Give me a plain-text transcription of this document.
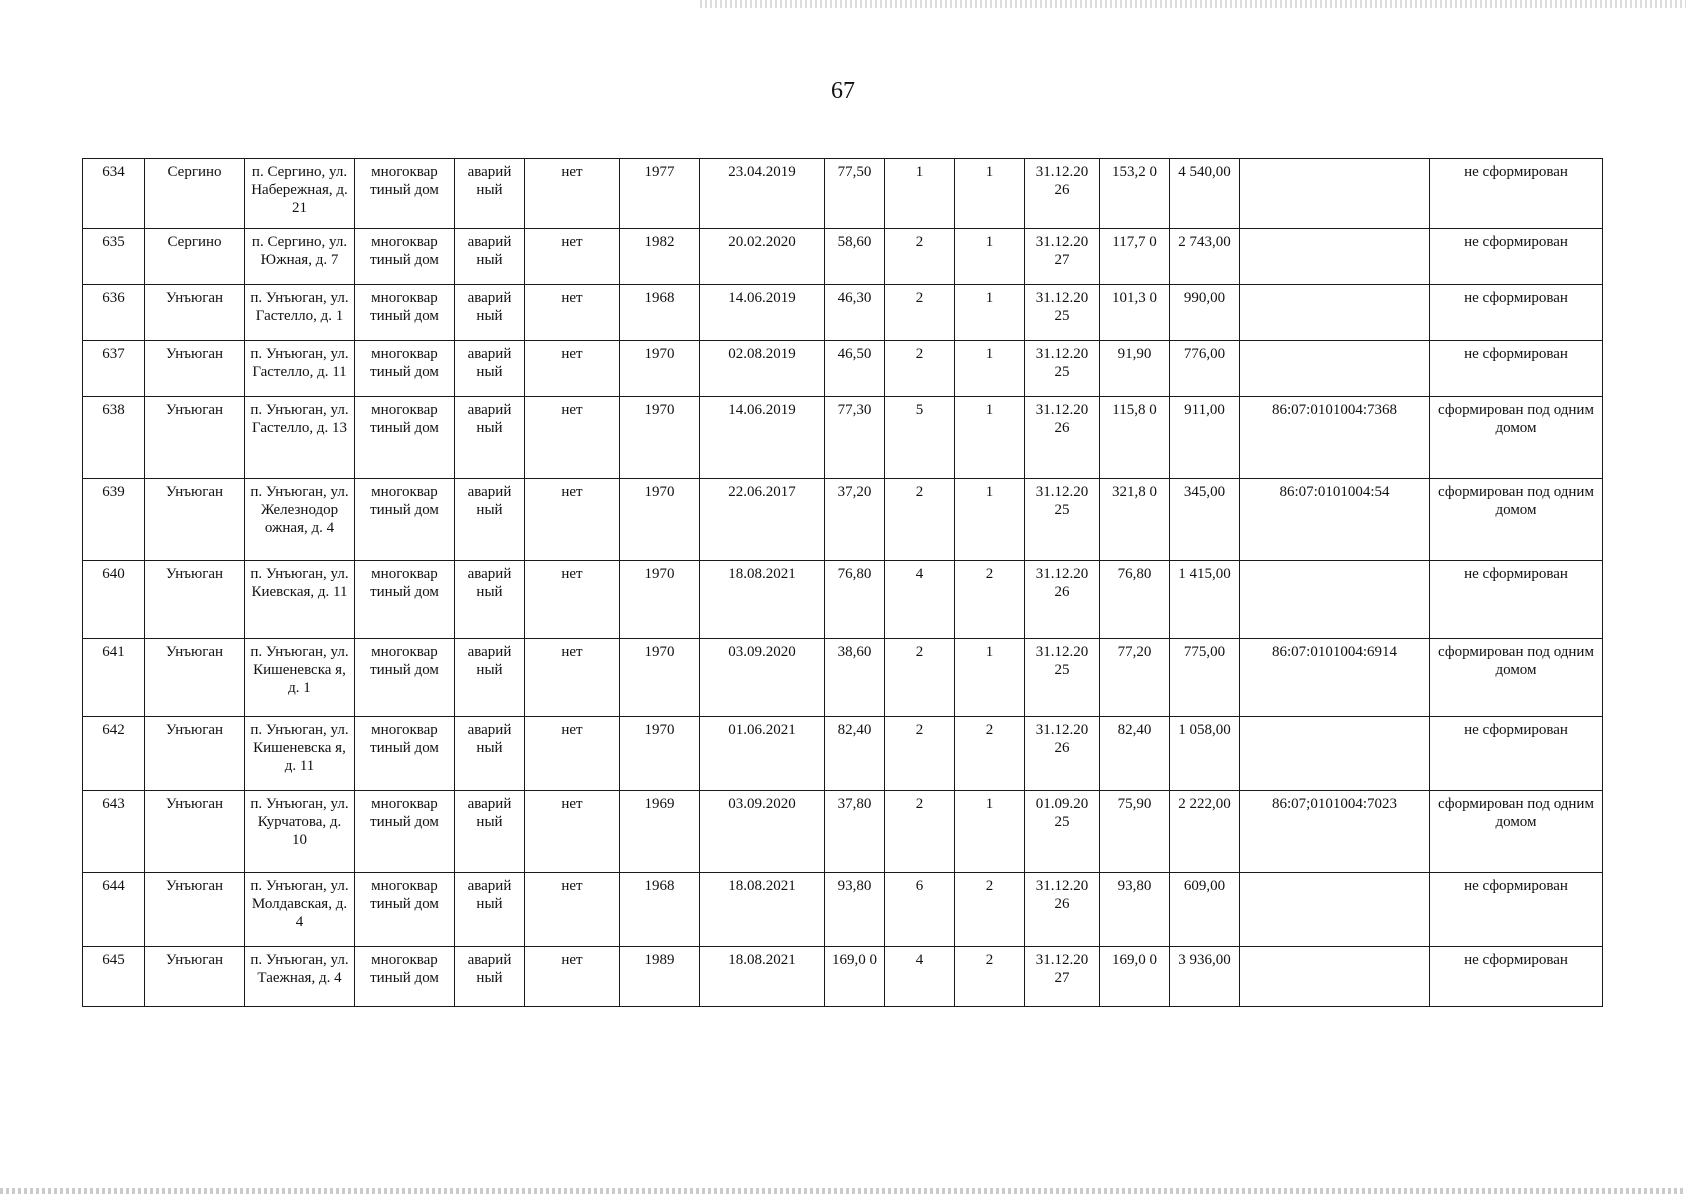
67
634	Сергино	п. Сергино, ул. Набережная, д. 21	многоквар тиный дом	аварий ный	нет	1977	23.04.2019	77,50	1	1	31.12.20 26	153,2 0	4 540,00		не сформирован
635	Сергино	п. Сергино, ул. Южная, д. 7	многоквар тиный дом	аварий ный	нет	1982	20.02.2020	58,60	2	1	31.12.20 27	117,7 0	2 743,00		не сформирован
636	Унъюган	п. Унъюган, ул. Гастелло, д. 1	многоквар тиный дом	аварий ный	нет	1968	14.06.2019	46,30	2	1	31.12.20 25	101,3 0	990,00		не сформирован
637	Унъюган	п. Унъюган, ул. Гастелло, д. 11	многоквар тиный дом	аварий ный	нет	1970	02.08.2019	46,50	2	1	31.12.20 25	91,90	776,00		не сформирован
638	Унъюган	п. Унъюган, ул. Гастелло, д. 13	многоквар тиный дом	аварий ный	нет	1970	14.06.2019	77,30	5	1	31.12.20 26	115,8 0	911,00	86:07:0101004:7368	сформирован под одним домом
639	Унъюган	п. Унъюган, ул. Железнодор ожная, д. 4	многоквар тиный дом	аварий ный	нет	1970	22.06.2017	37,20	2	1	31.12.20 25	321,8 0	345,00	86:07:0101004:54	сформирован под одним домом
640	Унъюган	п. Унъюган, ул. Киевская, д. 11	многоквар тиный дом	аварий ный	нет	1970	18.08.2021	76,80	4	2	31.12.20 26	76,80	1 415,00		не сформирован
641	Унъюган	п. Унъюган, ул. Кишеневска я, д. 1	многоквар тиный дом	аварий ный	нет	1970	03.09.2020	38,60	2	1	31.12.20 25	77,20	775,00	86:07:0101004:6914	сформирован под одним домом
642	Унъюган	п. Унъюган, ул. Кишеневска я, д. 11	многоквар тиный дом	аварий ный	нет	1970	01.06.2021	82,40	2	2	31.12.20 26	82,40	1 058,00		не сформирован
643	Унъюган	п. Унъюган, ул. Курчатова, д. 10	многоквар тиный дом	аварий ный	нет	1969	03.09.2020	37,80	2	1	01.09.20 25	75,90	2 222,00	86:07;0101004:7023	сформирован под одним домом
644	Унъюган	п. Унъюган, ул. Молдавская, д. 4	многоквар тиный дом	аварий ный	нет	1968	18.08.2021	93,80	6	2	31.12.20 26	93,80	609,00		не сформирован
645	Унъюган	п. Унъюган, ул. Таежная, д. 4	многоквар тиный дом	аварий ный	нет	1989	18.08.2021	169,0 0	4	2	31.12.20 27	169,0 0	3 936,00		не сформирован
